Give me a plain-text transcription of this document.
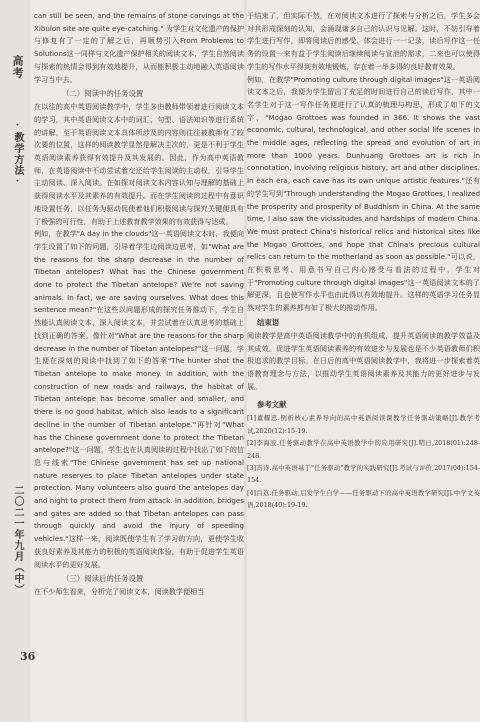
高考
·教学方法·
二〇二一年九月（中）
36

can still be seen, and the remains of stone carvings at the Xibulon site are quite eye-catching." 为学生对文化遗产的保护与修复有了一定的了解之后，再顺势引入From Problems to Solutions这一同样与文化遗产保护相关的阅读文本，学生自然阅读与探索的热情会得到有效地提升，从而能积极主动地融入英语阅读学习当中去。

（二）阅读中的任务设置

在以往的高中英语阅读教学中，学生多由教师带领着进行阅读文本的学习，其中英语阅读文本中的词汇、句型、语法知识等进行系统的讲解，至于英语阅读文本具体所涉及的内容则往往被教师有了较次要的位置，这样的阅读教学显然是解决主次的，更是不利于学生英语阅读素养获得有效提升及其发展的。因此，作为高中英语教师，在英语阅读中不动尝试着交还给学生阅读的主动权，引导学生主动阅读、深入阅读。在如探对阅读文本内容认知与理解的基础上获得阅读水平及其素养的有效提升。而在学生阅读的过程中有意识地设置任务，以任务为驱动促使着他们积极阅读与探究关键便具有了极强的可行性，有助于上述教育教学效果的有效获得与达成。

例如，在教学"A day in the clouds"这一英语阅读文本时，我便向学生设置了如下的问题，引导着学生边阅读边思考，如"What are the reasons for the sharp decrease in the number of Tibetan antelopes? What has the Chinese government done to protect the Tibetan antelope? We're not saving animals. In fact, we are saving ourselves. What does this sentence mean?"在这些以问题形成的探究任务推动下，学生自然能认真阅读文本、深入阅读文本，并尝试着在认真思考的基础上找到正确的答案。像针对"What are the reasons for the sharp decrease in the number of Tibetan antelopes?"这一问题，学生便在深刻的阅读中找到了如下的答案"The hunter shot the Tibetan antelope to make money. In addition, with the construction of new roads and railways, the habitat of Tibetan antelope has become smaller and smaller, and there is no good habitat, which also leads to a significant decline in the number of Tibetan antelope."再针对"What has the Chinese government done to protect the Tibetan antelope?"这一问题，学生也在认真阅读的过程中找出了如下的信息与线索"The Chinese government has set up national nature reserves to place Tibetan antelopes under state protection. Many volunteers also guard the antelopes day and night to protect them from attack. In addition, bridges and gates are added so that Tibetan antelopes can pass through quickly and avoid the injury of speeding vehicles."这样一来，阅读既使学生有了学习的方向，更使学生收获良好素养及其能力的积极的英语阅读体验，有助于促进学生英语阅读水平的更好发展。

（三）阅读后的任务设置

在不少师生看来，分析完了阅读文本，阅读教学便相当

于结束了，但实际不然，在对阅读文本进行了探索与分析之后，学生多会对其形成深刻的认知，会涌现诸多自己的认识与见解。这时，不妨引导着学生进行写作，即将阅读后的感受、体会进行一一记录，读后写作这一任务的设置一来有益于学生阅读后继续阅读与宣泄的需求，二来也可以使得学生的写作水平得到有效地锻炼，存在着一举多得的良好教育效果。

例如，在教学"Promoting culture through digital images"这一英语阅读文本之后，我便为学生留出了充足的时间进行自己的读后写作，其中一名学生对于这一写作任务便进行了认真的梳理与构思，形成了如下的文字，"Mogao Grottoes was founded in 366. It shows the vast economic, cultural, technological, and other social life scenes in the middle ages, reflecting the spread and evolution of art in more than 1000 years. Dunhuang Grottoes art is rich in connotation, involving religious history, art and other disciplines. In each era, each cave has its own unique artistic features."还有的学生写到"Through understanding the Mogao Grottoes, I realized the prosperity and prosperity of Buddhism in China. At the same time, I also saw the vicissitudes and hardships of modern China. We must protect China's historical relics and historical sites like the Mogao Grottoes, and hope that China's precious cultural relics can return to the motherland as soon as possible."可以说，在积极思考、用意书写自己内心感受与看法的过程中，学生对于"Promoting culture through digital images"这一英语阅读文本的了解更深，且也使写作水平也由此得以有效地提升。这样的英语学习任务显然对学生的素养都有如了极大的推动作用。

结束语

阅读教学是高中英语阅读教学中的有机组成，提升英语阅读的教学效益及其成效。促进学生英语阅读素养的有效进步与发展也是不少英语教师们积极追求的教学目标。在日后的高中英语阅读教学中，我将进一步探索着英语教育理念与方法，以推动学生英语阅读素养及其能力的更好进步与发展。

参考文献

[1]董耀忠.例析核心素养导向的高中英语阅读课教学任务驱动策略[J].教学考试,2020(12):15-19.

[2]李海波.任务驱动教学在高中英语教学中的应用研究[J].明日,2018(01):248-248.

[3]冯诗.高中英语基于"任务驱动"教学的实践研究[J].考试与评价,2017(04):154-154.

[4]吕荔.任务驱动,启发学生自学——任务驱动下的高中英语教学研究[J].中学文英语,2018(40):19-19.
